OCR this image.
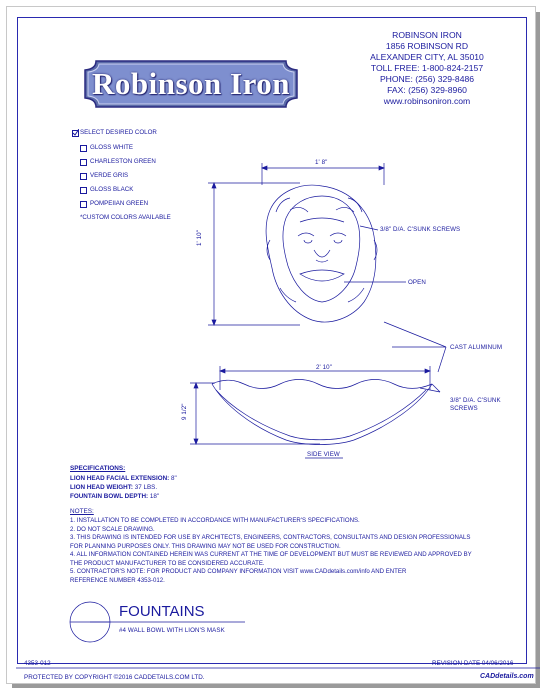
Robinson Iron
ROBINSON IRON
1856 ROBINSON RD
ALEXANDER CITY, AL 35010
TOLL FREE: 1-800-824-2157
PHONE: (256) 329-8486
FAX: (256) 329-8960
www.robinsoniron.com
SELECT DESIRED COLOR
GLOSS WHITE
CHARLESTON GREEN
VERDE GRIS
GLOSS BLACK
POMPEIIAN GREEN
*CUSTOM COLORS AVAILABLE
1' 8"
1' 10"
3/8" D/A. C'SUNK SCREWS
OPEN
CAST ALUMINUM
2' 10"
9 1/2"
3/8" D/A. C'SUNK
SCREWS
SIDE VIEW
SPECIFICATIONS:
LION HEAD FACIAL EXTENSION: 8"
LION HEAD WEIGHT: 37 LBS.
FOUNTAIN BOWL DEPTH: 18"
NOTES:
1. INSTALLATION TO BE COMPLETED IN ACCORDANCE WITH MANUFACTURER'S SPECIFICATIONS.
2. DO NOT SCALE DRAWING.
3. THIS DRAWING IS INTENDED FOR USE BY ARCHITECTS, ENGINEERS, CONTRACTORS, CONSULTANTS AND DESIGN PROFESSIONALS
FOR PLANNING PURPOSES ONLY. THIS DRAWING MAY NOT BE USED FOR CONSTRUCTION.
4. ALL INFORMATION CONTAINED HEREIN WAS CURRENT AT THE TIME OF DEVELOPMENT BUT MUST BE REVIEWED AND APPROVED BY
THE PRODUCT MANUFACTURER TO BE CONSIDERED ACCURATE.
5. CONTRACTOR'S NOTE: FOR PRODUCT AND COMPANY INFORMATION VISIT www.CADdetails.com/info AND ENTER
REFERENCE NUMBER 4353-012.
FOUNTAINS
#4 WALL BOWL WITH LION'S MASK
4353-012	REVISION DATE 04/06/2016
PROTECTED BY COPYRIGHT ©2016 CADDETAILS.COM LTD.	CADdetails.com
